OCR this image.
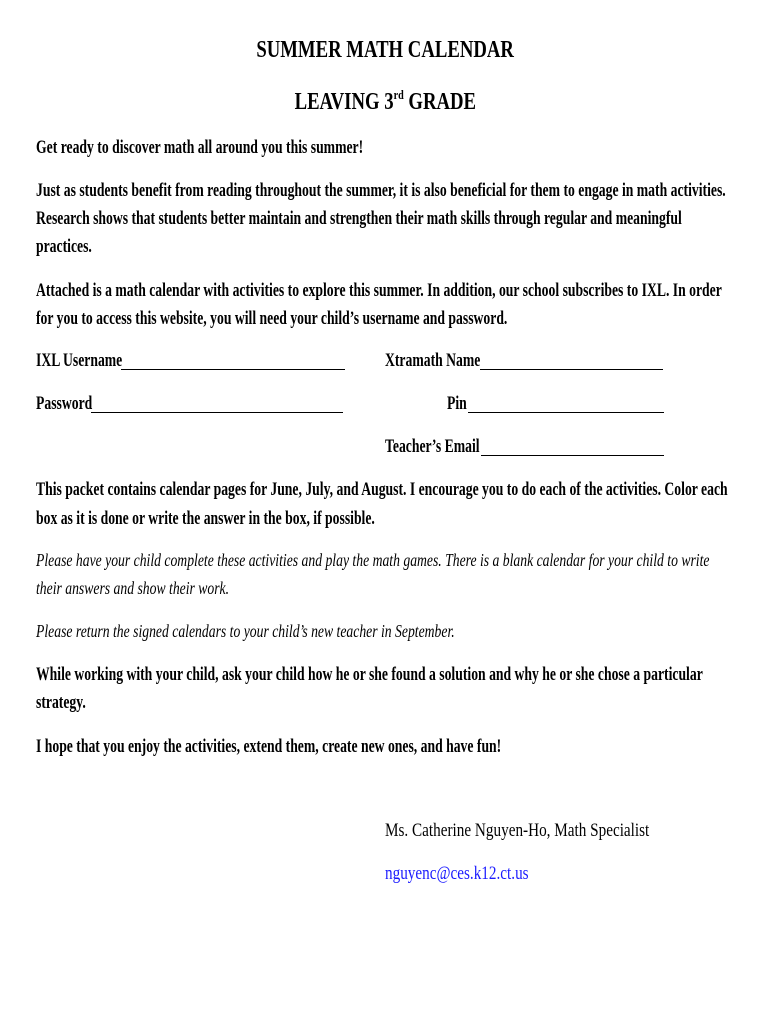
SUMMER MATH CALENDAR
LEAVING 3rd GRADE
Get ready to discover math all around you this summer!
Just as students benefit from reading throughout the summer, it is also beneficial for them to engage in math activities.
Research shows that students better maintain and strengthen their math skills through regular and meaningful
practices.
Attached is a math calendar with activities to explore this summer. In addition, our school subscribes to IXL. In order
for you to access this website, you will need your child’s username and password.
IXL Username	Xtramath Name
Password	Pin
Teacher’s Email
This packet contains calendar pages for June, July, and August. I encourage you to do each of the activities. Color each
box as it is done or write the answer in the box, if possible.
Please have your child complete these activities and play the math games. There is a blank calendar for your child to write
their answers and show their work.
Please return the signed calendars to your child’s new teacher in September.
While working with your child, ask your child how he or she found a solution and why he or she chose a particular
strategy.
I hope that you enjoy the activities, extend them, create new ones, and have fun!
Ms. Catherine Nguyen-Ho, Math Specialist
nguyenc@ces.k12.ct.us
